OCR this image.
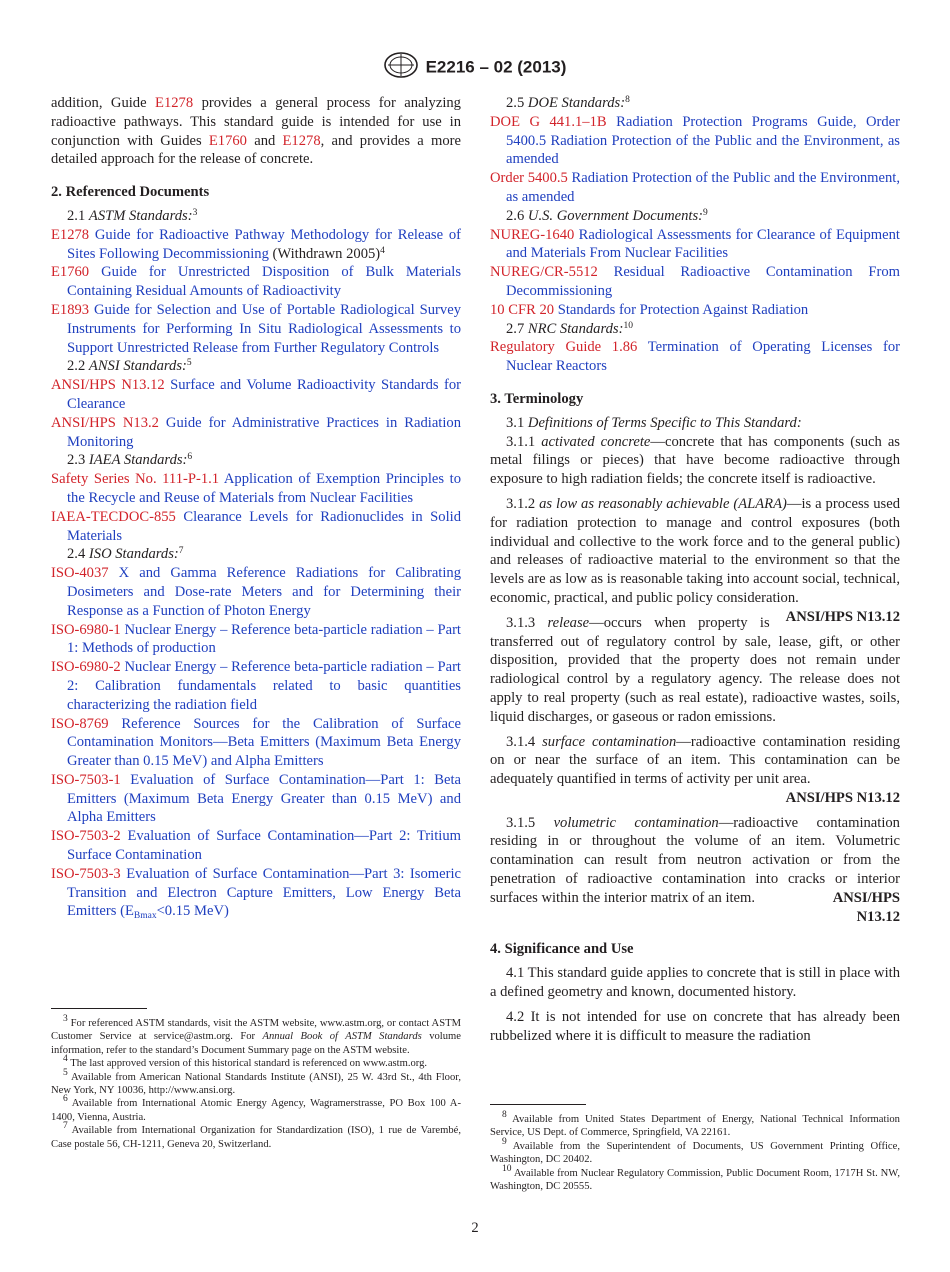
E2216 – 02 (2013)

addition, Guide E1278 provides a general process for analyzing radioactive pathways. This standard guide is intended for use in conjunction with Guides E1760 and E1278, and provides a more detailed approach for the release of concrete.

2. Referenced Documents

2.1 ASTM Standards:$^3$

E1278 Guide for Radioactive Pathway Methodology for Release of Sites Following Decommissioning (Withdrawn 2005)$^4$

E1760 Guide for Unrestricted Disposition of Bulk Materials Containing Residual Amounts of Radioactivity

E1893 Guide for Selection and Use of Portable Radiological Survey Instruments for Performing In Situ Radiological Assessments to Support Unrestricted Release from Further Regulatory Controls

2.2 ANSI Standards:$^5$

ANSI/HPS N13.12 Surface and Volume Radioactivity Standards for Clearance

ANSI/HPS N13.2 Guide for Administrative Practices in Radiation Monitoring

2.3 IAEA Standards:$^6$

Safety Series No. 111-P-1.1 Application of Exemption Principles to the Recycle and Reuse of Materials from Nuclear Facilities

IAEA-TECDOC-855 Clearance Levels for Radionuclides in Solid Materials

2.4 ISO Standards:$^7$

ISO-4037 X and Gamma Reference Radiations for Calibrating Dosimeters and Dose-rate Meters and for Determining their Response as a Function of Photon Energy

ISO-6980-1 Nuclear Energy – Reference beta-particle radiation – Part 1: Methods of production

ISO-6980-2 Nuclear Energy – Reference beta-particle radiation – Part 2: Calibration fundamentals related to basic quantities characterizing the radiation field

ISO-8769 Reference Sources for the Calibration of Surface Contamination Monitors—Beta Emitters (Maximum Beta Energy Greater than 0.15 MeV) and Alpha Emitters

ISO-7503-1 Evaluation of Surface Contamination—Part 1: Beta Emitters (Maximum Beta Energy Greater than 0.15 MeV) and Alpha Emitters

ISO-7503-2 Evaluation of Surface Contamination—Part 2: Tritium Surface Contamination

ISO-7503-3 Evaluation of Surface Contamination—Part 3: Isomeric Transition and Electron Capture Emitters, Low Energy Beta Emitters ($E_{Bmax}<0.15$ MeV)

$^3$ For referenced ASTM standards, visit the ASTM website, www.astm.org, or contact ASTM Customer Service at service@astm.org. For Annual Book of ASTM Standards volume information, refer to the standard’s Document Summary page on the ASTM website.

$^4$ The last approved version of this historical standard is referenced on www.astm.org.

$^5$ Available from American National Standards Institute (ANSI), 25 W. 43rd St., 4th Floor, New York, NY 10036, http://www.ansi.org.

$^6$ Available from International Atomic Energy Agency, Wagramerstrasse, PO Box 100 A-1400, Vienna, Austria.

$^7$ Available from International Organization for Standardization (ISO), 1 rue de Varembé, Case postale 56, CH-1211, Geneva 20, Switzerland.

2.5 DOE Standards:$^8$

DOE G 441.1–1B Radiation Protection Programs Guide, Order 5400.5 Radiation Protection of the Public and the Environment, as amended

Order 5400.5 Radiation Protection of the Public and the Environment, as amended

2.6 U.S. Government Documents:$^9$

NUREG-1640 Radiological Assessments for Clearance of Equipment and Materials From Nuclear Facilities

NUREG/CR-5512 Residual Radioactive Contamination From Decommissioning

10 CFR 20 Standards for Protection Against Radiation

2.7 NRC Standards:$^{10}$

Regulatory Guide 1.86 Termination of Operating Licenses for Nuclear Reactors

3. Terminology

3.1 Definitions of Terms Specific to This Standard:

3.1.1 activated concrete—concrete that has components (such as metal filings or pieces) that have become radioactive through exposure to high radiation fields; the concrete itself is radioactive.

3.1.2 as low as reasonably achievable (ALARA)—is a process used for radiation protection to manage and control exposures (both individual and collective to the work force and to the general public) and releases of radioactive material to the environment so that the levels are as low as is reasonable taking into account social, technical, economic, practical, and public policy consideration.
ANSI/HPS N13.12

3.1.3 release—occurs when property is transferred out of regulatory control by sale, lease, gift, or other disposition, provided that the property does not remain under radiological control by a regulatory agency. The release does not apply to real property (such as real estate), radioactive wastes, soils, liquid discharges, or gaseous or radon emissions.

3.1.4 surface contamination—radioactive contamination residing on or near the surface of an item. This contamination can be adequately quantified in terms of activity per unit area.
ANSI/HPS N13.12

3.1.5 volumetric contamination—radioactive contamination residing in or throughout the volume of an item. Volumetric contamination can result from neutron activation or from the penetration of radioactive contamination into cracks or interior surfaces within the interior matrix of an item.	ANSI/HPS

N13.12

4. Significance and Use

4.1 This standard guide applies to concrete that is still in place with a defined geometry and known, documented history.

4.2 It is not intended for use on concrete that has already been rubbelized where it is difficult to measure the radiation

$^8$ Available from United States Department of Energy, National Technical Information Service, US Dept. of Commerce, Springfield, VA 22161.

$^9$ Available from the Superintendent of Documents, US Government Printing Office, Washington, DC 20402.

$^{10}$ Available from Nuclear Regulatory Commission, Public Document Room, 1717H St. NW, Washington, DC 20555.

2
